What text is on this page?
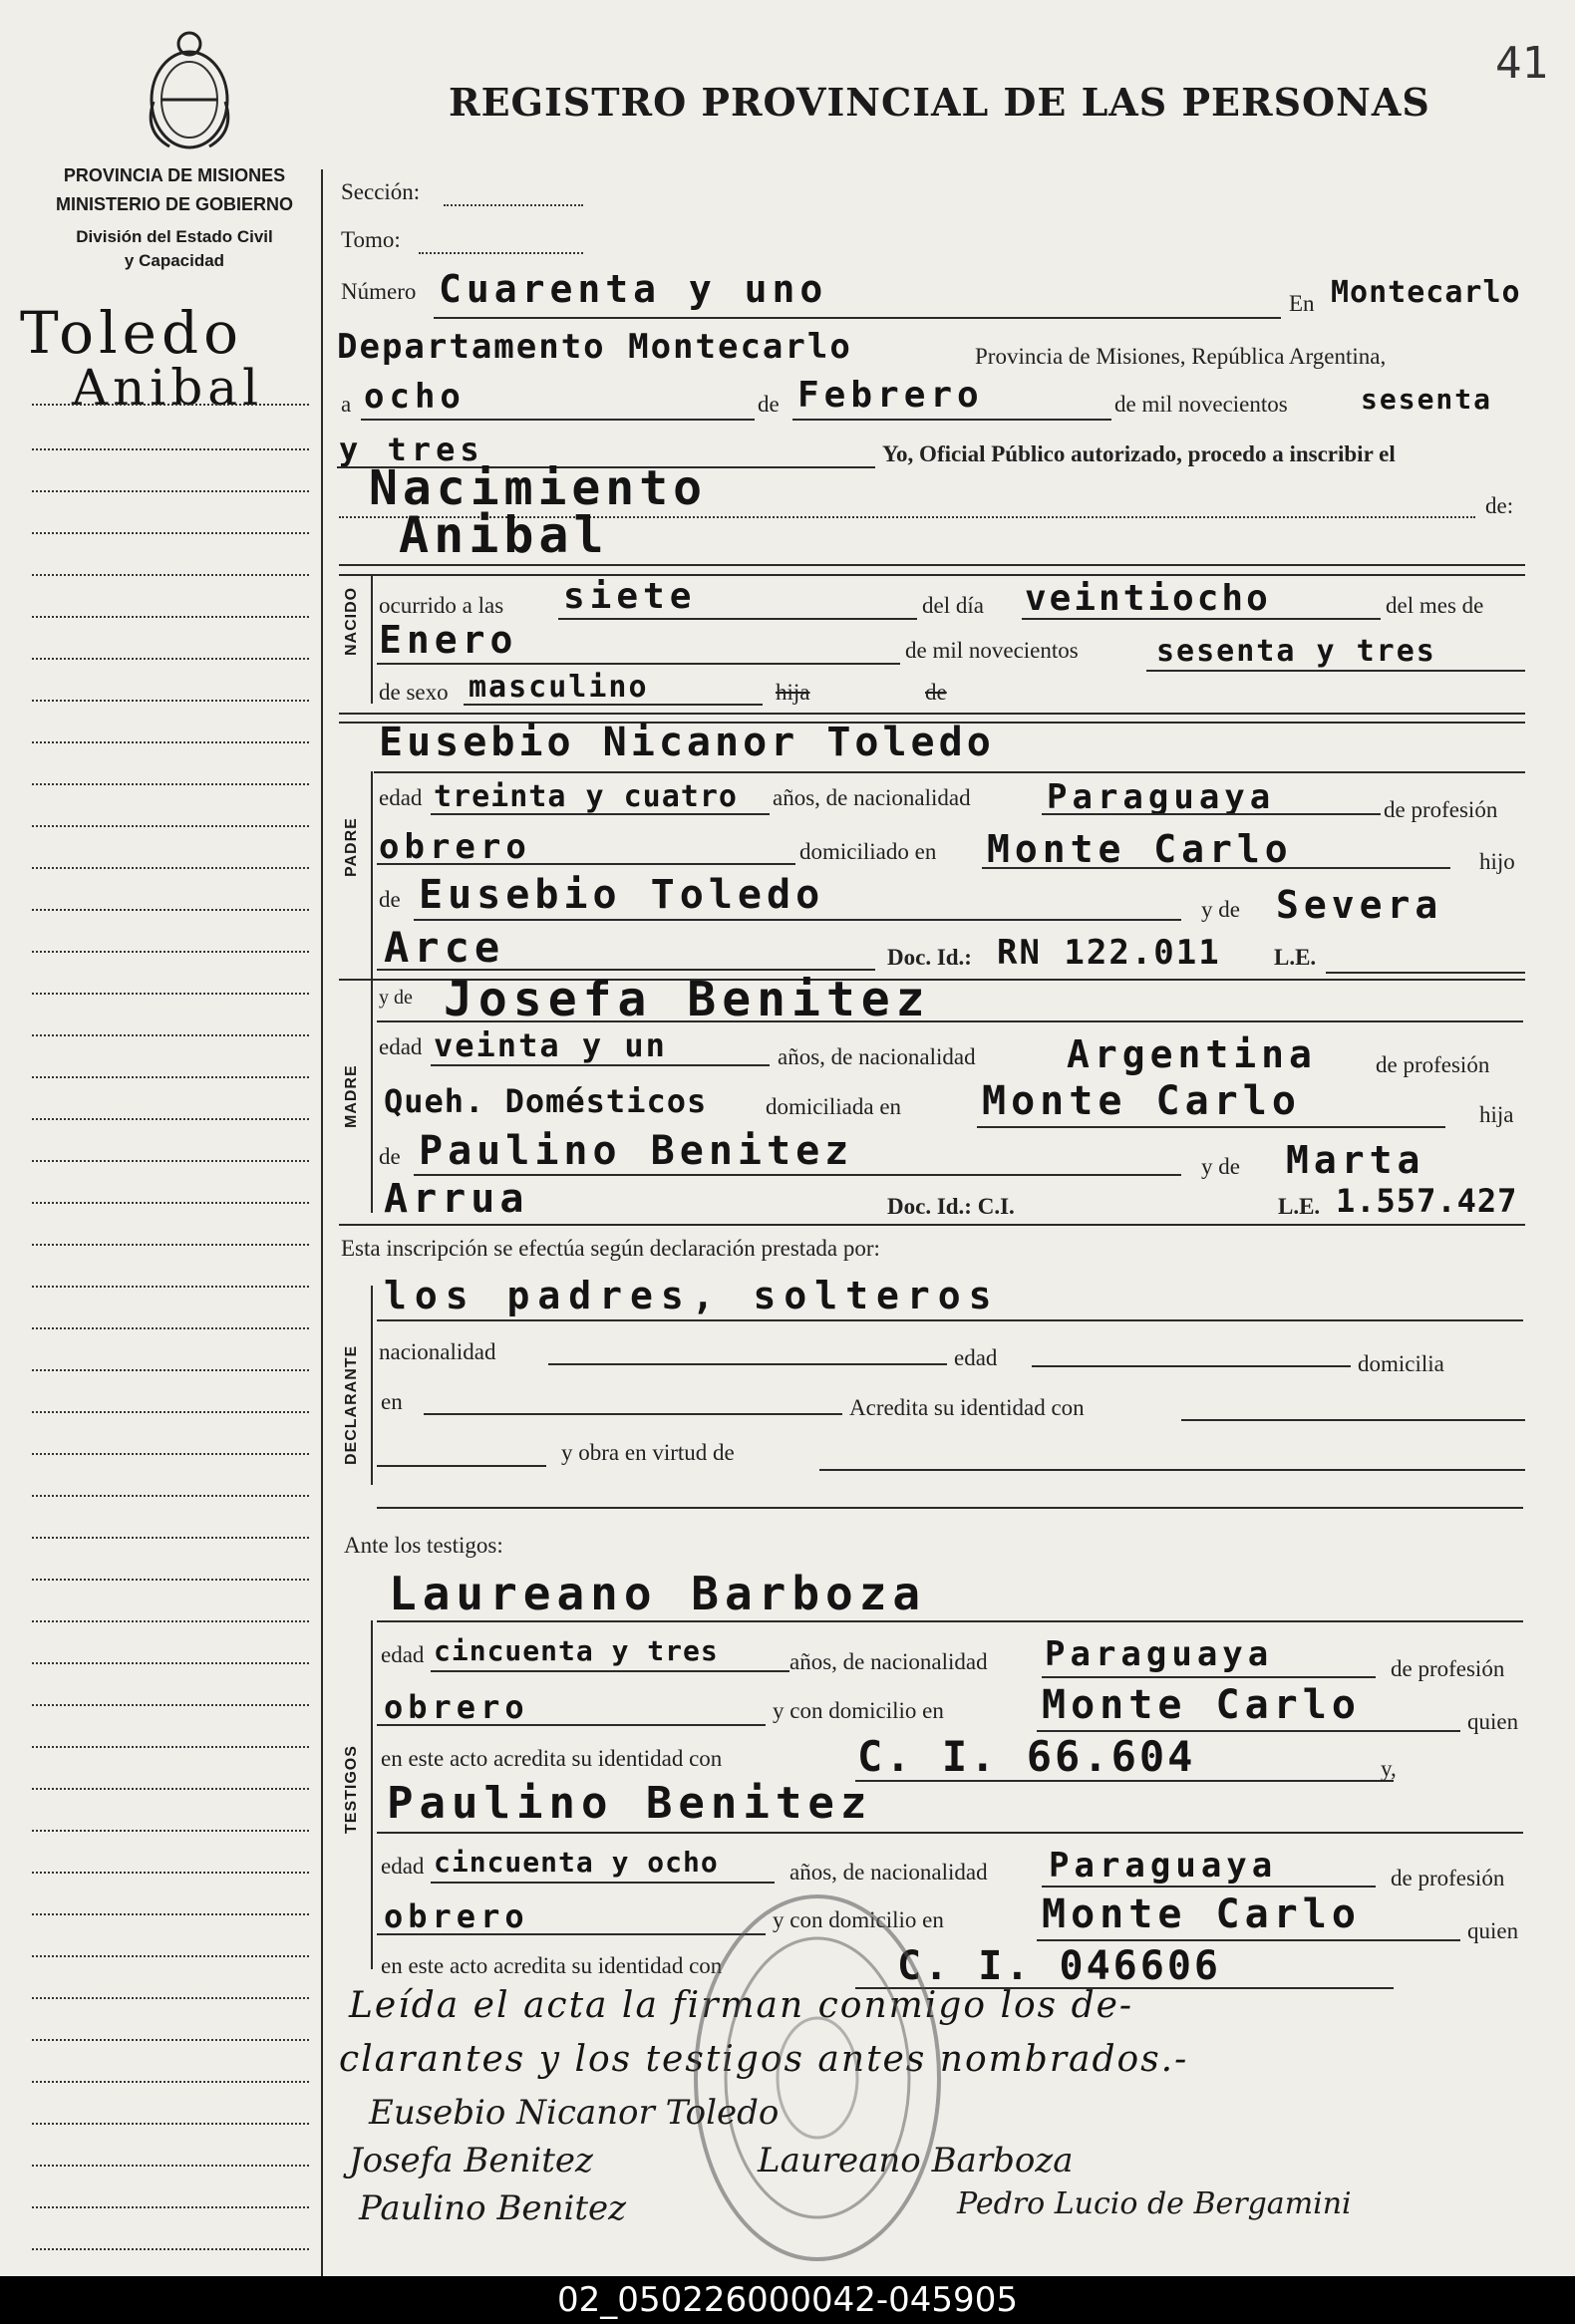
41
REGISTRO PROVINCIAL DE LAS PERSONAS
PROVINCIA DE MISIONES
MINISTERIO DE GOBIERNO
División del Estado Civil
y Capacidad
Toledo
Anibal
Sección:
Tomo:
Número Cuarenta y uno	En Montecarlo
Departamento Montecarlo	Provincia de Misiones, República Argentina,
a ocho	de Febrero	de mil novecientos	sesenta
y tres	Yo, Oficial Público autorizado, procedo a inscribir el
Nacimiento	de:
Anibal
NACIDO ocurrido a las siete	del día veintiocho	del mes de
Enero	de mil novecientos	sesenta y tres
de sexo masculino	hija	de
Eusebio Nicanor Toledo
PADRE
edad treinta y cuatro años, de nacionalidad Paraguaya	de profesión
obrero	domiciliado en Monte Carlo	hijo
de Eusebio Toledo	y de Severa
Arce	Doc. Id.: RN 122.011 L.E.
MADRE
y de Josefa Benitez
edad veinta y un	años, de nacionalidad Argentina	de profesión
Queh. Domésticos	domiciliada en Monte Carlo	hija
de Paulino Benitez	y de Marta
Arrua	Doc. Id.: C.I.	L.E. 1.557.427
Esta inscripción se efectúa según declaración prestada por:
los padres, solteros
DECLARANTE nacionalidad	edad	domicilia
en	Acredita su identidad con
y obra en virtud de
Ante los testigos:
Laureano Barboza
TESTIGOS
edad cincuenta y tres	años, de nacionalidad Paraguaya	de profesión
obrero	y con domicilio en Monte Carlo	quien
en este acto acredita su identidad con	C. I. 66.604	y,
Paulino Benitez
edad cincuenta y ocho	años, de nacionalidad Paraguaya	de profesión
obrero	y con domicilio en Monte Carlo	quien
en este acto acredita su identidad con	C. I. 046606
Leída el acta la firman conmigo los de-
clarantes y los testigos antes nombrados.-
Eusebio Nicanor Toledo
Josefa Benitez	Laureano Barboza
Paulino Benitez	Pedro Lucio de Bergamini
02_050226000042-045905
